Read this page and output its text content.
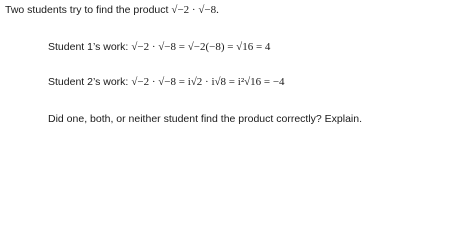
Two students try to find the product √−2 · √−8.
Student 1’s work: √−2 · √−8 = √−2(−8) = √16 = 4
Student 2’s work: √−2 · √−8 = i√2 · i√8 = i²√16 = −4
Did one, both, or neither student find the product correctly? Explain.
